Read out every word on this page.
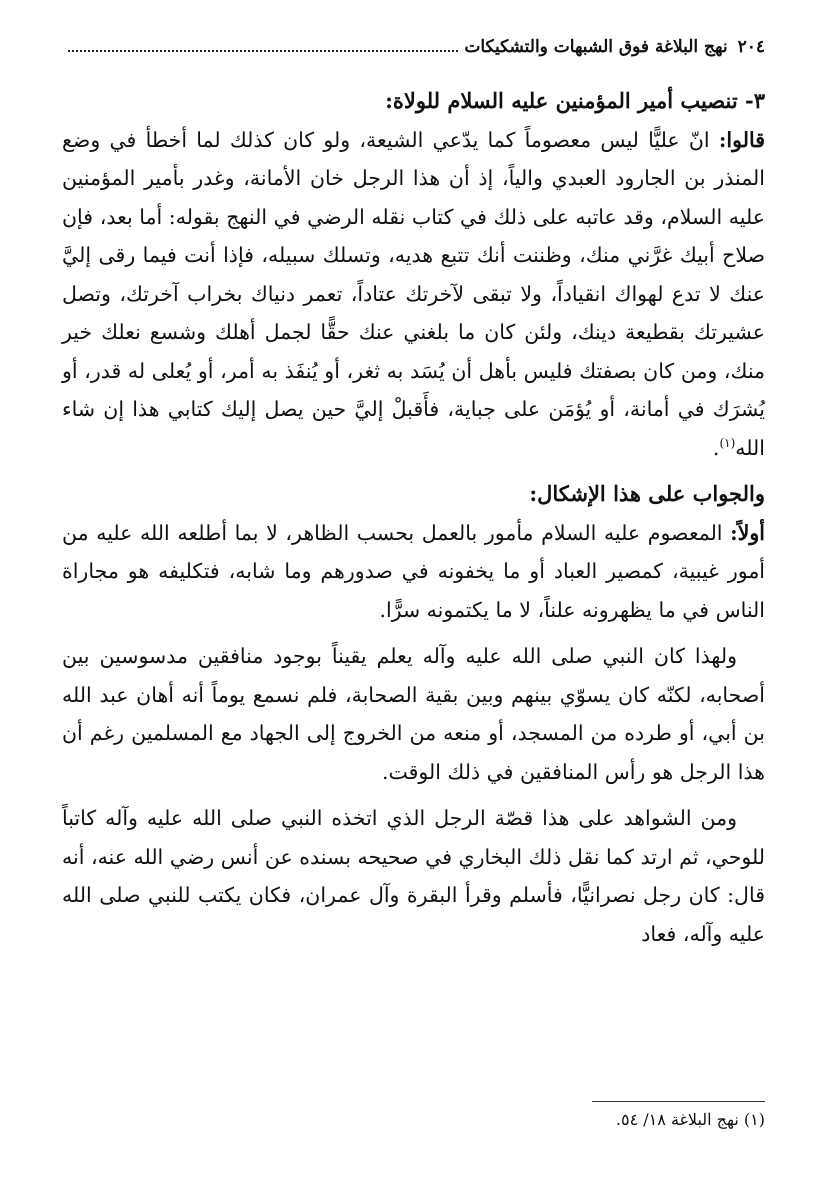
٢٠٤
نهج البلاغة فوق الشبهات والتشكيكات
٣- تنصيب أمير المؤمنين عليه السلام للولاة:

قالوا: انّ عليًّا ليس معصوماً كما يدّعي الشيعة، ولو كان كذلك لما أخطأ في وضع المنذر بن الجارود العبدي والياً، إذ أن هذا الرجل خان الأمانة، وغدر بأمير المؤمنين عليه السلام، وقد عاتبه على ذلك في كتاب نقله الرضي في النهج بقوله: أما بعد، فإن صلاح أبيك غرَّني منك، وظننت أنك تتبع هديه، وتسلك سبيله، فإذا أنت فيما رقى إليَّ عنك لا تدع لهواك انقياداً، ولا تبقى لآخرتك عتاداً، تعمر دنياك بخراب آخرتك، وتصل عشيرتك بقطيعة دينك، ولئن كان ما بلغني عنك حقًّا لجمل أهلك وشسع نعلك خير منك، ومن كان بصفتك فليس بأهل أن يُسَد به ثغر، أو يُنفَذ به أمر، أو يُعلى له قدر، أو يُشرَك في أمانة، أو يُؤمَن على جباية، فأَقبلْ إليَّ حين يصل إليك كتابي هذا إن شاء الله$^{(١)}$.

والجواب على هذا الإشكال:

أولاً: المعصوم عليه السلام مأمور بالعمل بحسب الظاهر، لا بما أطلعه الله عليه من أمور غيبية، كمصير العباد أو ما يخفونه في صدورهم وما شابه، فتكليفه هو مجاراة الناس في ما يظهرونه علناً، لا ما يكتمونه سرًّا.

ولهذا كان النبي صلى الله عليه وآله يعلم يقيناً بوجود منافقين مدسوسين بين أصحابه، لكنّه كان يسوّي بينهم وبين بقية الصحابة، فلم نسمع يوماً أنه أهان عبد الله بن أبي، أو طرده من المسجد، أو منعه من الخروج إلى الجهاد مع المسلمين رغم أن هذا الرجل هو رأس المنافقين في ذلك الوقت.

ومن الشواهد على هذا قصّة الرجل الذي اتخذه النبي صلى الله عليه وآله كاتباً للوحي، ثم ارتد كما نقل ذلك البخاري في صحيحه بسنده عن أنس رضي الله عنه، أنه قال: كان رجل نصرانيًّا، فأسلم وقرأ البقرة وآل عمران، فكان يكتب للنبي صلى الله عليه وآله، فعاد

(١) نهج البلاغة ١٨/ ٥٤.
